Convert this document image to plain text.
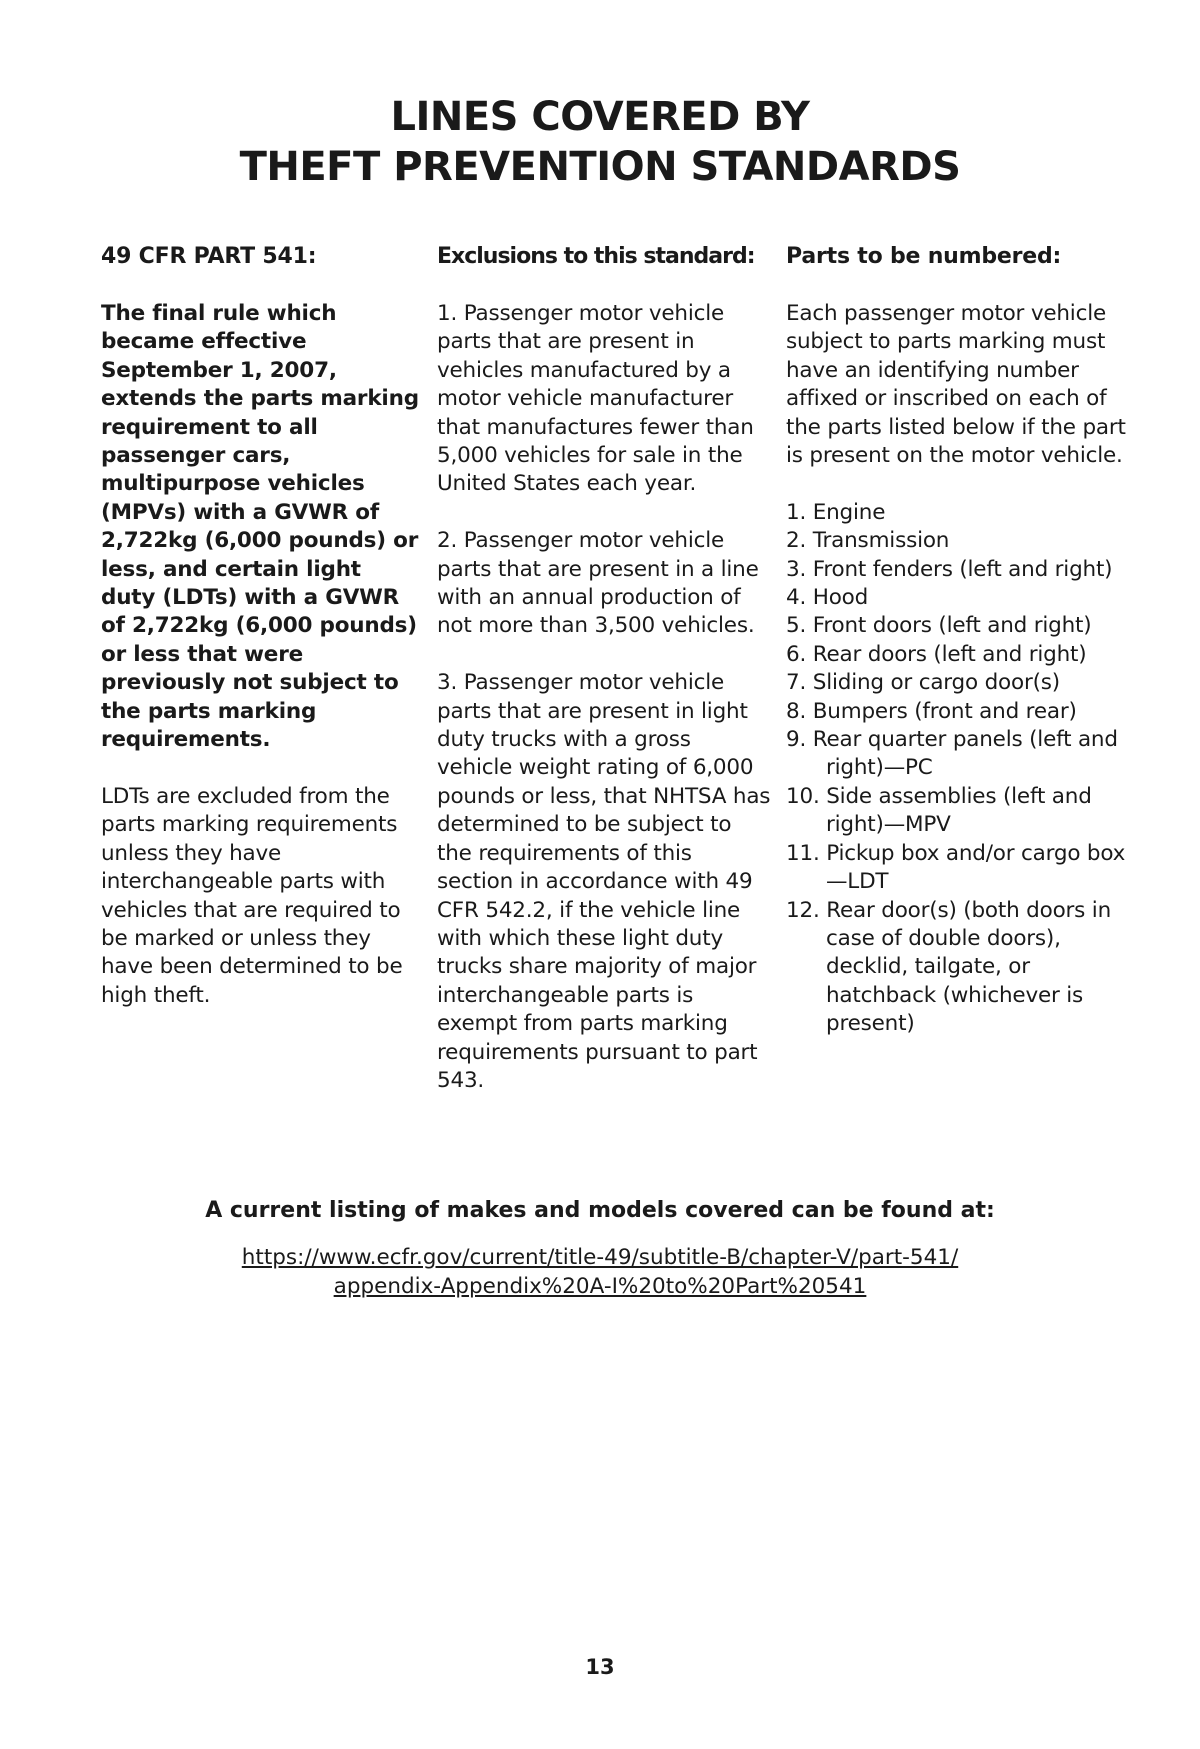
LINES COVERED BY
THEFT PREVENTION STANDARDS
49 CFR PART 541:

The final rule which became effective September 1, 2007, extends the parts marking requirement to all passenger cars, multipurpose vehicles (MPVs) with a GVWR of 2,722kg (6,000 pounds) or less, and certain light duty (LDTs) with a GVWR of 2,722kg (6,000 pounds) or less that were previously not subject to the parts marking requirements.

LDTs are excluded from the parts marking requirements unless they have interchangeable parts with vehicles that are required to be marked or unless they have been determined to be high theft.

Exclusions to this standard:

1. Passenger motor vehicle parts that are present in vehicles manufactured by a motor vehicle manufacturer that manufactures fewer than 5,000 vehicles for sale in the United States each year.

2. Passenger motor vehicle parts that are present in a line with an annual production of not more than 3,500 vehicles.

3. Passenger motor vehicle parts that are present in light duty trucks with a gross vehicle weight rating of 6,000 pounds or less, that NHTSA has determined to be subject to the requirements of this section in accordance with 49 CFR 542.2, if the vehicle line with which these light duty trucks share majority of major interchangeable parts is exempt from parts marking requirements pursuant to part 543.

Parts to be numbered:

Each passenger motor vehicle subject to parts marking must have an identifying number affixed or inscribed on each of the parts listed below if the part is present on the motor vehicle.

1. Engine
2. Transmission
3. Front fenders (left and right)
4. Hood
5. Front doors (left and right)
6. Rear doors (left and right)
7. Sliding or cargo door(s)
8. Bumpers (front and rear)
9. Rear quarter panels (left and right)—PC
10. Side assemblies (left and right)—MPV
11. Pickup box and/or cargo box—LDT
12. Rear door(s) (both doors in case of double doors), decklid, tailgate, or hatchback (whichever is present)
A current listing of makes and models covered can be found at:
https://www.ecfr.gov/current/title-49/subtitle-B/chapter-V/part-541/
appendix-Appendix%20A-I%20to%20Part%20541
13
